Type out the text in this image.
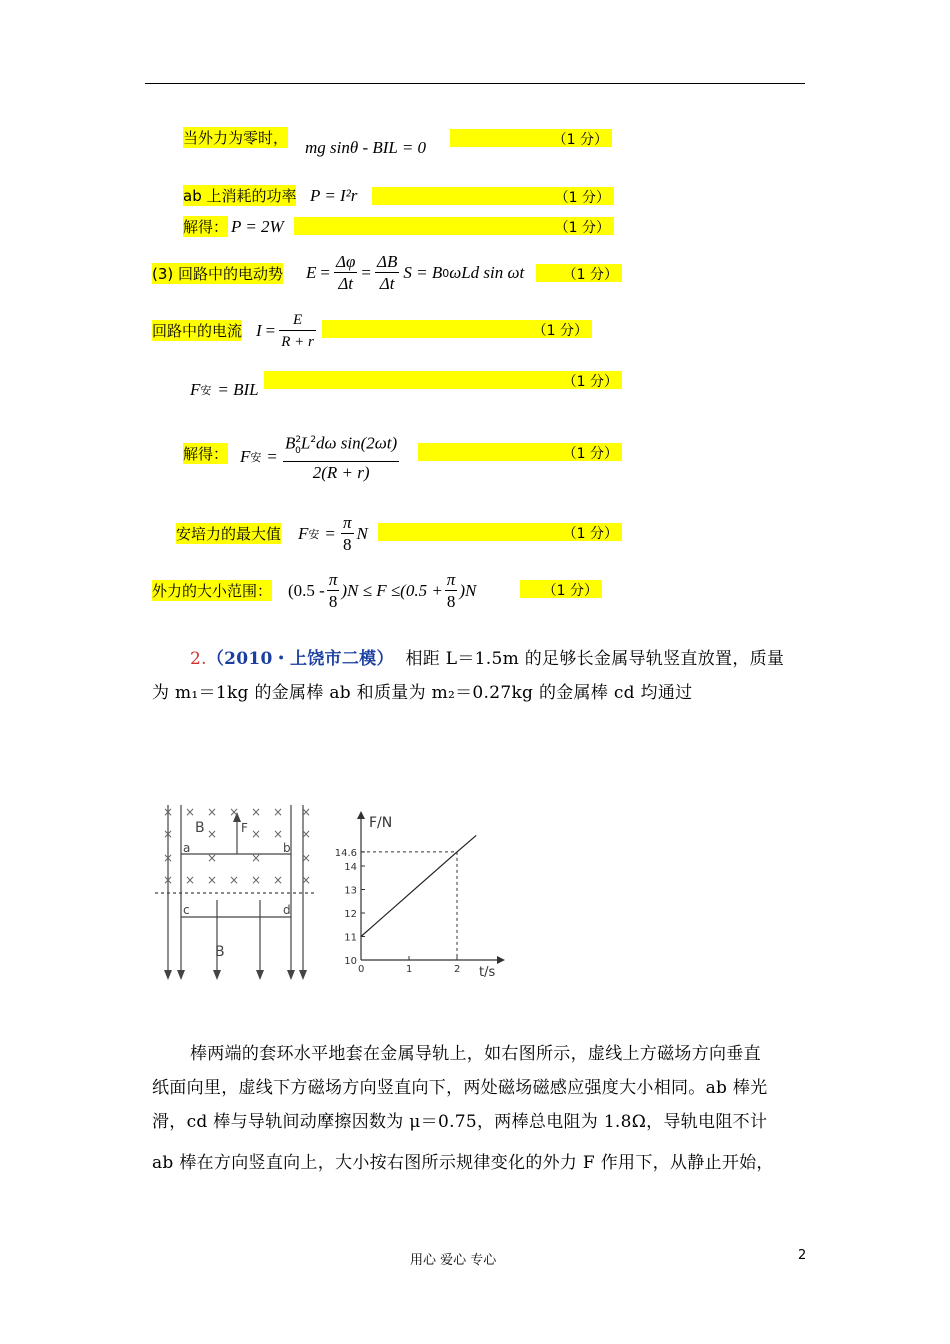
当外力为零时， mg sinθ - BIL = 0	（1 分）
ab 上消耗的功率 P = I²r	（1 分）
解得： P = 2W	（1 分）
(3) 回路中的电动势 $E = \frac{\Delta\varphi}{\Delta t} = \frac{\Delta B}{\Delta t}$ S = B 0 ωLd sin ωt	（1 分）
回路中的电流 $I = \frac{E}{R + r}$	（1 分）
F 安 = BIL	（1 分）
解得： F 安 = $\frac{B^2_0L^2d\omega \sin(2\omega t)}{2(R + r)}$	（1 分）
安培力的最大值 F 安 = $\frac{\pi}{8}$ N	（1 分）
外力的大小范围： $(0.5 - \frac{\pi}{8} )N \le F \le(0.5 + \frac{\pi}{8} )N$	（1 分）
2.（2010・上饶市二模） 相距 L＝1.5m 的足够长金属导轨竖直放置，质量
为 m₁＝1kg 的金属棒 ab 和质量为 m₂＝0.27kg 的金属棒 cd 均通过
× × × × × × ×
×	×	× × ×
×	×	×	×
× × × × × × ×
B	F
a	b
c	d
B
F/N
t/s
0	1	2
10
11
12
13
14
14.6
棒两端的套环水平地套在金属导轨上，如右图所示，虚线上方磁场方向垂直
纸面向里，虚线下方磁场方向竖直向下，两处磁场磁感应强度大小相同。ab 棒光
滑，cd 棒与导轨间动摩擦因数为 μ＝0.75，两棒总电阻为 1.8Ω，导轨电阻不计
ab 棒在方向竖直向上，大小按右图所示规律变化的外力 F 作用下，从静止开始，
用心 爱心 专心	2
